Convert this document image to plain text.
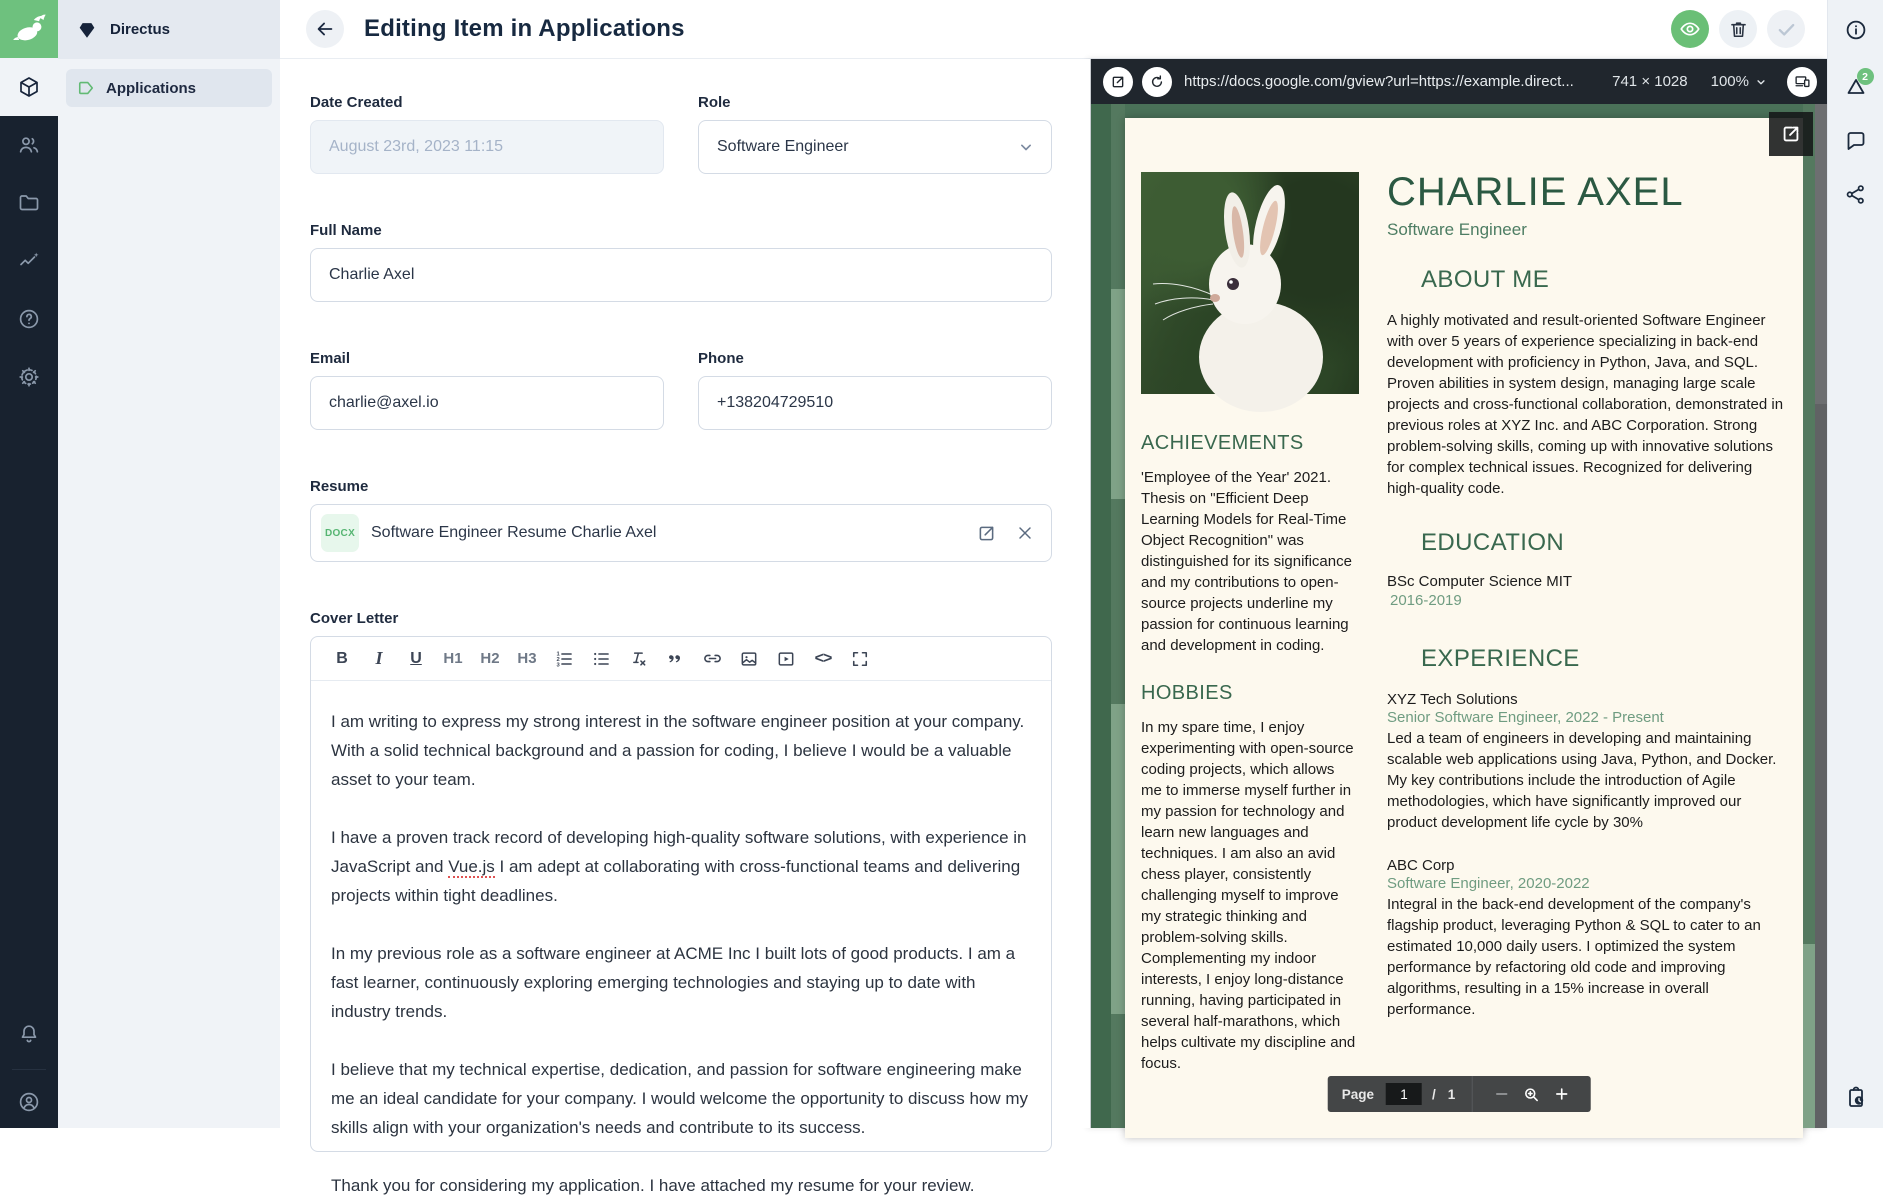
Directus
Applications
Editing Item in Applications
Date Created
August 23rd, 2023 11:15	Role
Software Engineer
Full Name
Charlie Axel
Email
charlie@axel.io	Phone
+138204729510
Resume
DOCX Software Engineer Resume Charlie Axel
Cover Letter
B	I	U	H1 H2 H3	1
2
3	<>

I am writing to express my strong interest in the software engineer position at your company. With a solid technical background and a passion for coding, I believe I would be a valuable asset to your team.

I have a proven track record of developing high-quality software solutions, with experience in JavaScript and Vue.js I am adept at collaborating with cross-functional teams and delivering projects within tight deadlines.

In my previous role as a software engineer at ACME Inc I built lots of good products. I am a fast learner, continuously exploring emerging technologies and staying up to date with industry trends.

I believe that my technical expertise, dedication, and passion for software engineering make me an ideal candidate for your company. I would welcome the opportunity to discuss how my skills align with your organization's needs and contribute to its success.

Thank you for considering my application. I have attached my resume for your review.

https://docs.google.com/gview?url=https://example.direct...	741 × 1028 100%
ACHIEVEMENTS
'Employee of the Year' 2021. Thesis on "Efficient Deep Learning Models for Real-Time Object Recognition" was distinguished for its significance and my contributions to open-source projects underline my passion for continuous learning and development in coding.
HOBBIES
In my spare time, I enjoy experimenting with open-source coding projects, which allows me to immerse myself further in my passion for technology and learn new languages and techniques. I am also an avid chess player, consistently challenging myself to improve my strategic thinking and problem-solving skills. Complementing my indoor interests, I enjoy long-distance running, having participated in several half-marathons, which helps cultivate my discipline and focus.
CHARLIE AXEL
Software Engineer
ABOUT ME
A highly motivated and result-oriented Software Engineer with over 5 years of experience specializing in back-end development with proficiency in Python, Java, and SQL. Proven abilities in system design, managing large scale projects and cross-functional collaboration, demonstrated in previous roles at XYZ Inc. and ABC Corporation. Strong problem-solving skills, coming up with innovative solutions for complex technical issues. Recognized for delivering high-quality code.
EDUCATION
BSc Computer Science MIT
2016-2019
EXPERIENCE
XYZ Tech Solutions
Senior Software Engineer, 2022 - Present
Led a team of engineers in developing and maintaining scalable web applications using Java, Python, and Docker. My key contributions include the introduction of Agile methodologies, which have significantly improved our product development life cycle by 30%
ABC Corp
Software Engineer, 2020-2022
Integral in the back-end development of the company's flagship product, leveraging Python & SQL to cater to an estimated 10,000 daily users. I optimized the system performance by refactoring old code and improving algorithms, resulting in a 15% increase in overall performance.
Page
1	/ 1
2
